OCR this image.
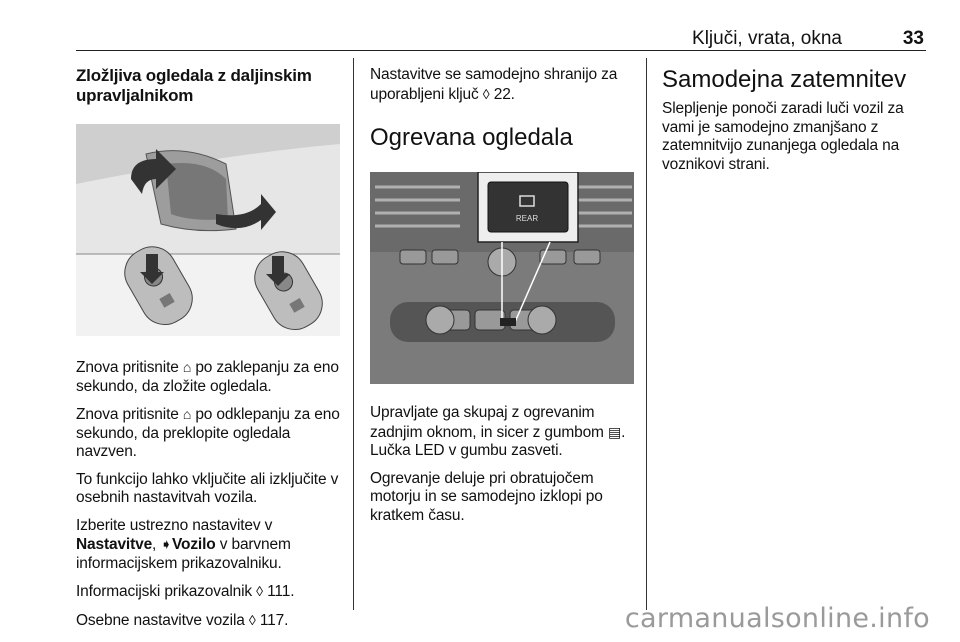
Ključi, vrata, okna	33
Zložljiva ogledala z daljinskim upravljalnikom

Znova pritisnite ⌂ po zaklepanju za eno sekundo, da zložite ogledala.

Znova pritisnite ⌂ po odklepanju za eno sekundo, da preklopite ogledala navzven.

To funkcijo lahko vključite ali izključite v osebnih nastavitvah vozila.

Izberite ustrezno nastavitev v Nastavitve, ➧Vozilo v barvnem informacijskem prikazovalniku.

Informacijski prikazovalnik ◊ 111.

Osebne nastavitve vozila ◊ 117.

Nastavitve se samodejno shranijo za uporabljeni ključ ◊ 22.

Ogrevana ogledala
REAR

Upravljate ga skupaj z ogrevanim zadnjim oknom, in sicer z gumbom ▤. Lučka LED v gumbu zasveti.

Ogrevanje deluje pri obratujočem motorju in se samodejno izklopi po kratkem času.

Samodejna zatemnitev

Slepljenje ponoči zaradi luči vozil za vami je samodejno zmanjšano z zatemnitvijo zunanjega ogledala na voznikovi strani.

carmanualsonline.info
